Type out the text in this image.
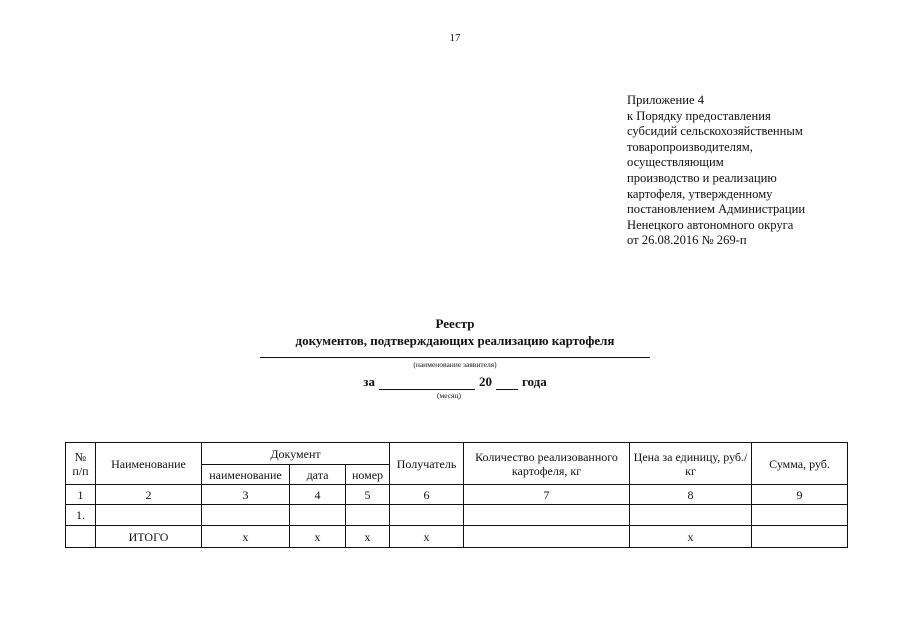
17
Приложение 4
к Порядку предоставления
субсидий сельскохозяйственным
товаропроизводителям,
осуществляющим
производство и реализацию
картофеля, утвержденному
постановлением Администрации
Ненецкого автономного округа
от 26.08.2016 № 269-п
Реестр
документов, подтверждающих реализацию картофеля
(наименование заявителя)
за	20 года
(месяц)
№
п/п	Наименование	Документ			Получатель	Количество реализованного картофеля, кг	Цена за единицу, руб./кг	Сумма, руб.
		наименование	дата	номер				
1	2	3	4	5	6	7	8	9
1.								
	ИТОГО	х	х	х	х		х	
